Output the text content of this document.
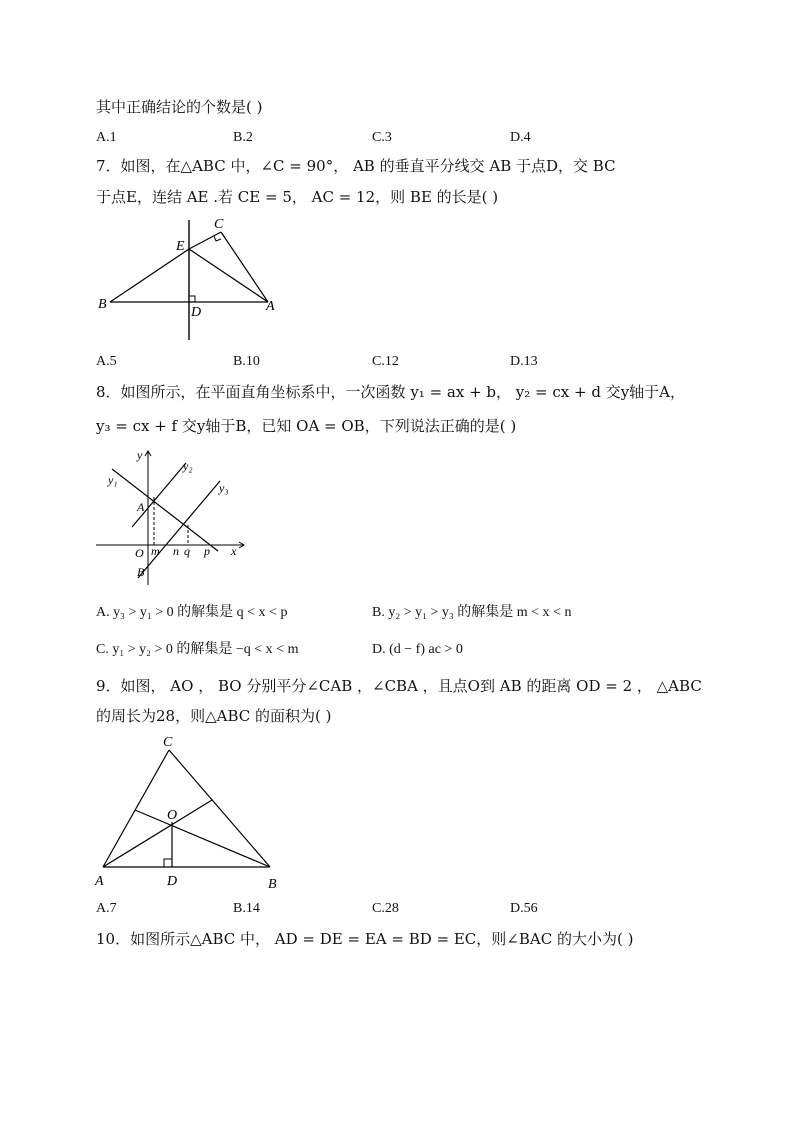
其中正确结论的个数是( )
A.1	B.2	C.3	D.4
7．如图，在△ABC 中，∠C = 90°， AB 的垂直平分线交 AB 于点D，交 BC
于点E，连结 AE .若 CE = 5， AC = 12，则 BE 的长是( )
C
E
B
D	A
A.5	B.10	C.12	D.13
8．如图所示，在平面直角坐标系中，一次函数 y₁ = ax + b， y₂ = cx + d 交y轴于A，
y₃ = cx + f 交y轴于B，已知 OA = OB，下列说法正确的是( )
y
y₂
y₁
y₃
A
O m n q p x
B
A. y₃ > y₁ > 0 的解集是 q < x < p	B. y₂ > y₁ > y₃ 的解集是 m < x < n
C. y₁ > y₂ > 0 的解集是 −q < x < m	D. (d − f) ac > 0
9．如图， AO ， BO 分别平分∠CAB ，∠CBA ，且点O到 AB 的距离 OD = 2 ， △ABC
的周长为28，则△ABC 的面积为( )
C
O
A	D	B
A.7	B.14	C.28	D.56
10．如图所示△ABC 中， AD = DE = EA = BD = EC，则∠BAC 的大小为( )
